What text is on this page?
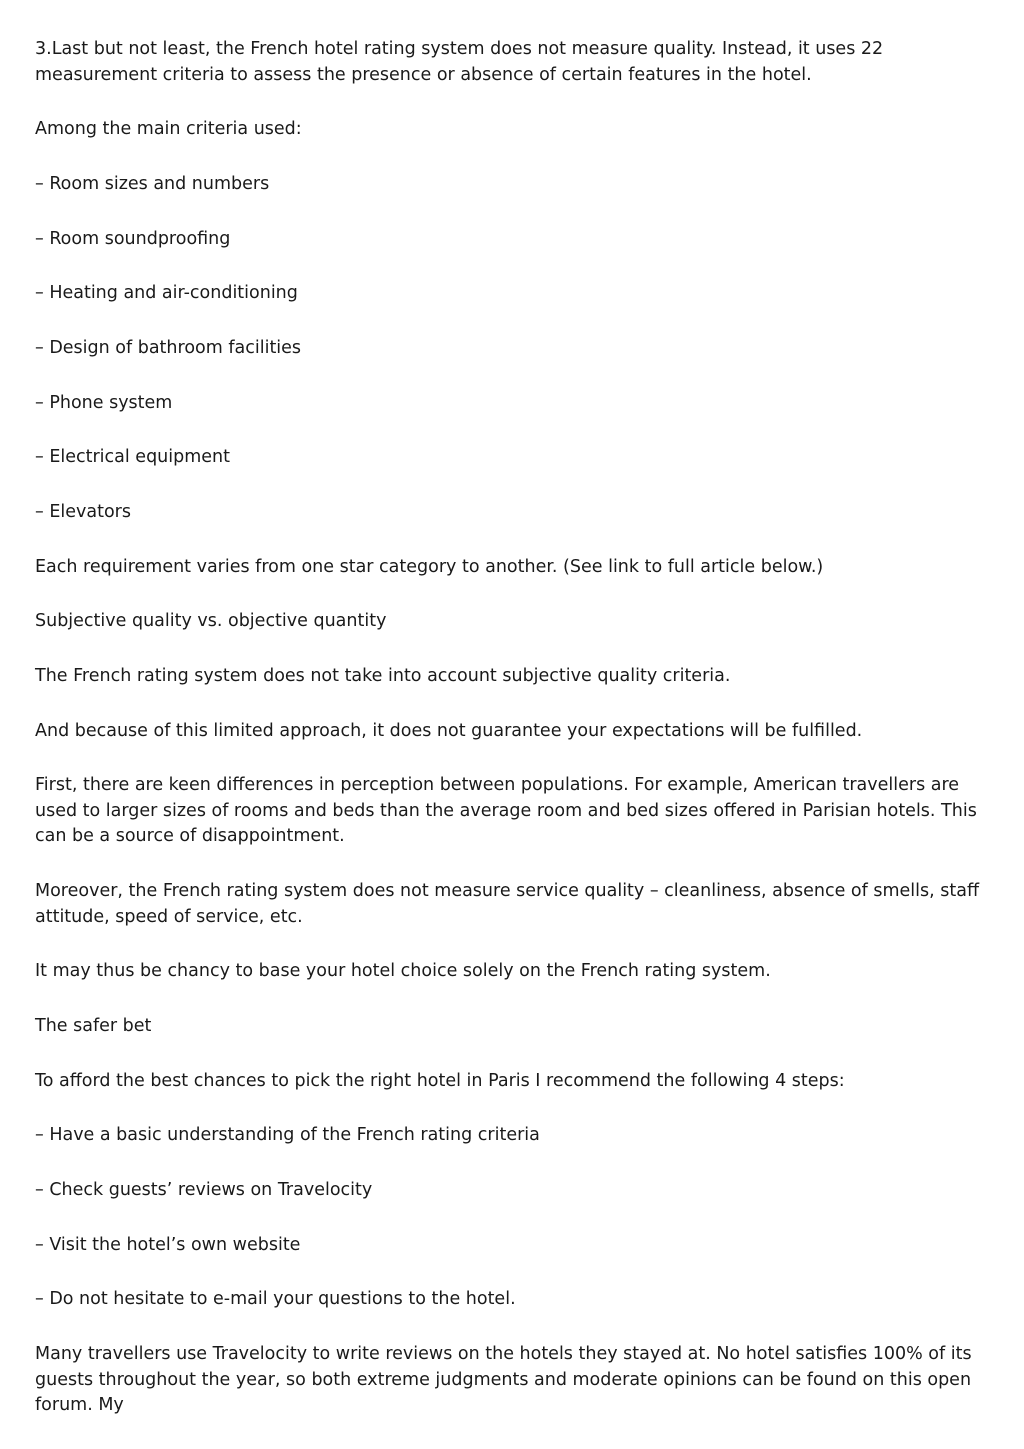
3.Last but not least, the French hotel rating system does not measure quality. Instead, it uses 22 measurement criteria to assess the presence or absence of certain features in the hotel.

Among the main criteria used:

– Room sizes and numbers

– Room soundproofing

– Heating and air-conditioning

– Design of bathroom facilities

– Phone system

– Electrical equipment

– Elevators

Each requirement varies from one star category to another. (See link to full article below.)

Subjective quality vs. objective quantity

The French rating system does not take into account subjective quality criteria.

And because of this limited approach, it does not guarantee your expectations will be fulfilled.

First, there are keen differences in perception between populations. For example, American travellers are used to larger sizes of rooms and beds than the average room and bed sizes offered in Parisian hotels. This can be a source of disappointment.

Moreover, the French rating system does not measure service quality – cleanliness, absence of smells, staff attitude, speed of service, etc.

It may thus be chancy to base your hotel choice solely on the French rating system.

The safer bet

To afford the best chances to pick the right hotel in Paris I recommend the following 4 steps:

– Have a basic understanding of the French rating criteria

– Check guests’ reviews on Travelocity

– Visit the hotel’s own website

– Do not hesitate to e-mail your questions to the hotel.

Many travellers use Travelocity to write reviews on the hotels they stayed at. No hotel satisfies 100% of its guests throughout the year, so both extreme judgments and moderate opinions can be found on this open forum. My
